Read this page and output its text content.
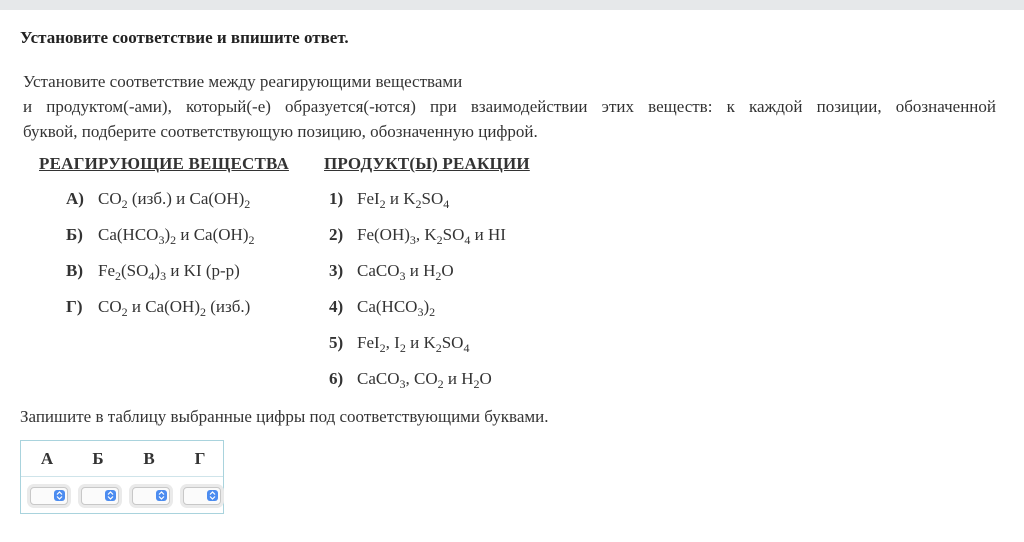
Установите соответствие и впишите ответ.
Установите соответствие между реагирующими веществами
и продуктом(-ами), который(-е) образуется(-ются) при взаимодействии этих веществ: к каждой позиции, обозначенной
буквой, подберите соответствующую позицию, обозначенную цифрой.
РЕАГИРУЮЩИЕ ВЕЩЕСТВА ПРОДУКТ(Ы) РЕАКЦИИ
А) $CO_2$ (изб.) и $Ca(OH)_2$
Б) $Ca(HCO_3)_2$ и $Ca(OH)_2$
В) $Fe_2(SO_4)_3$ и KI (р-р)
Г) $CO_2$ и $Ca(OH)_2$ (изб.)
1) FeI$_2$ и $K_2SO_4$
2) $Fe(OH)_3$, $K_2SO_4$ и HI
3) CaCO$_3$ и $H_2O$
4) $Ca(HCO_3)_2$
5) FeI$_2$, $I_2$ и $K_2SO_4$
6) CaCO$_3$, $CO_2$ и $H_2O$
Запишите в таблицу выбранные цифры под соответствующими буквами.
А Б В Г
